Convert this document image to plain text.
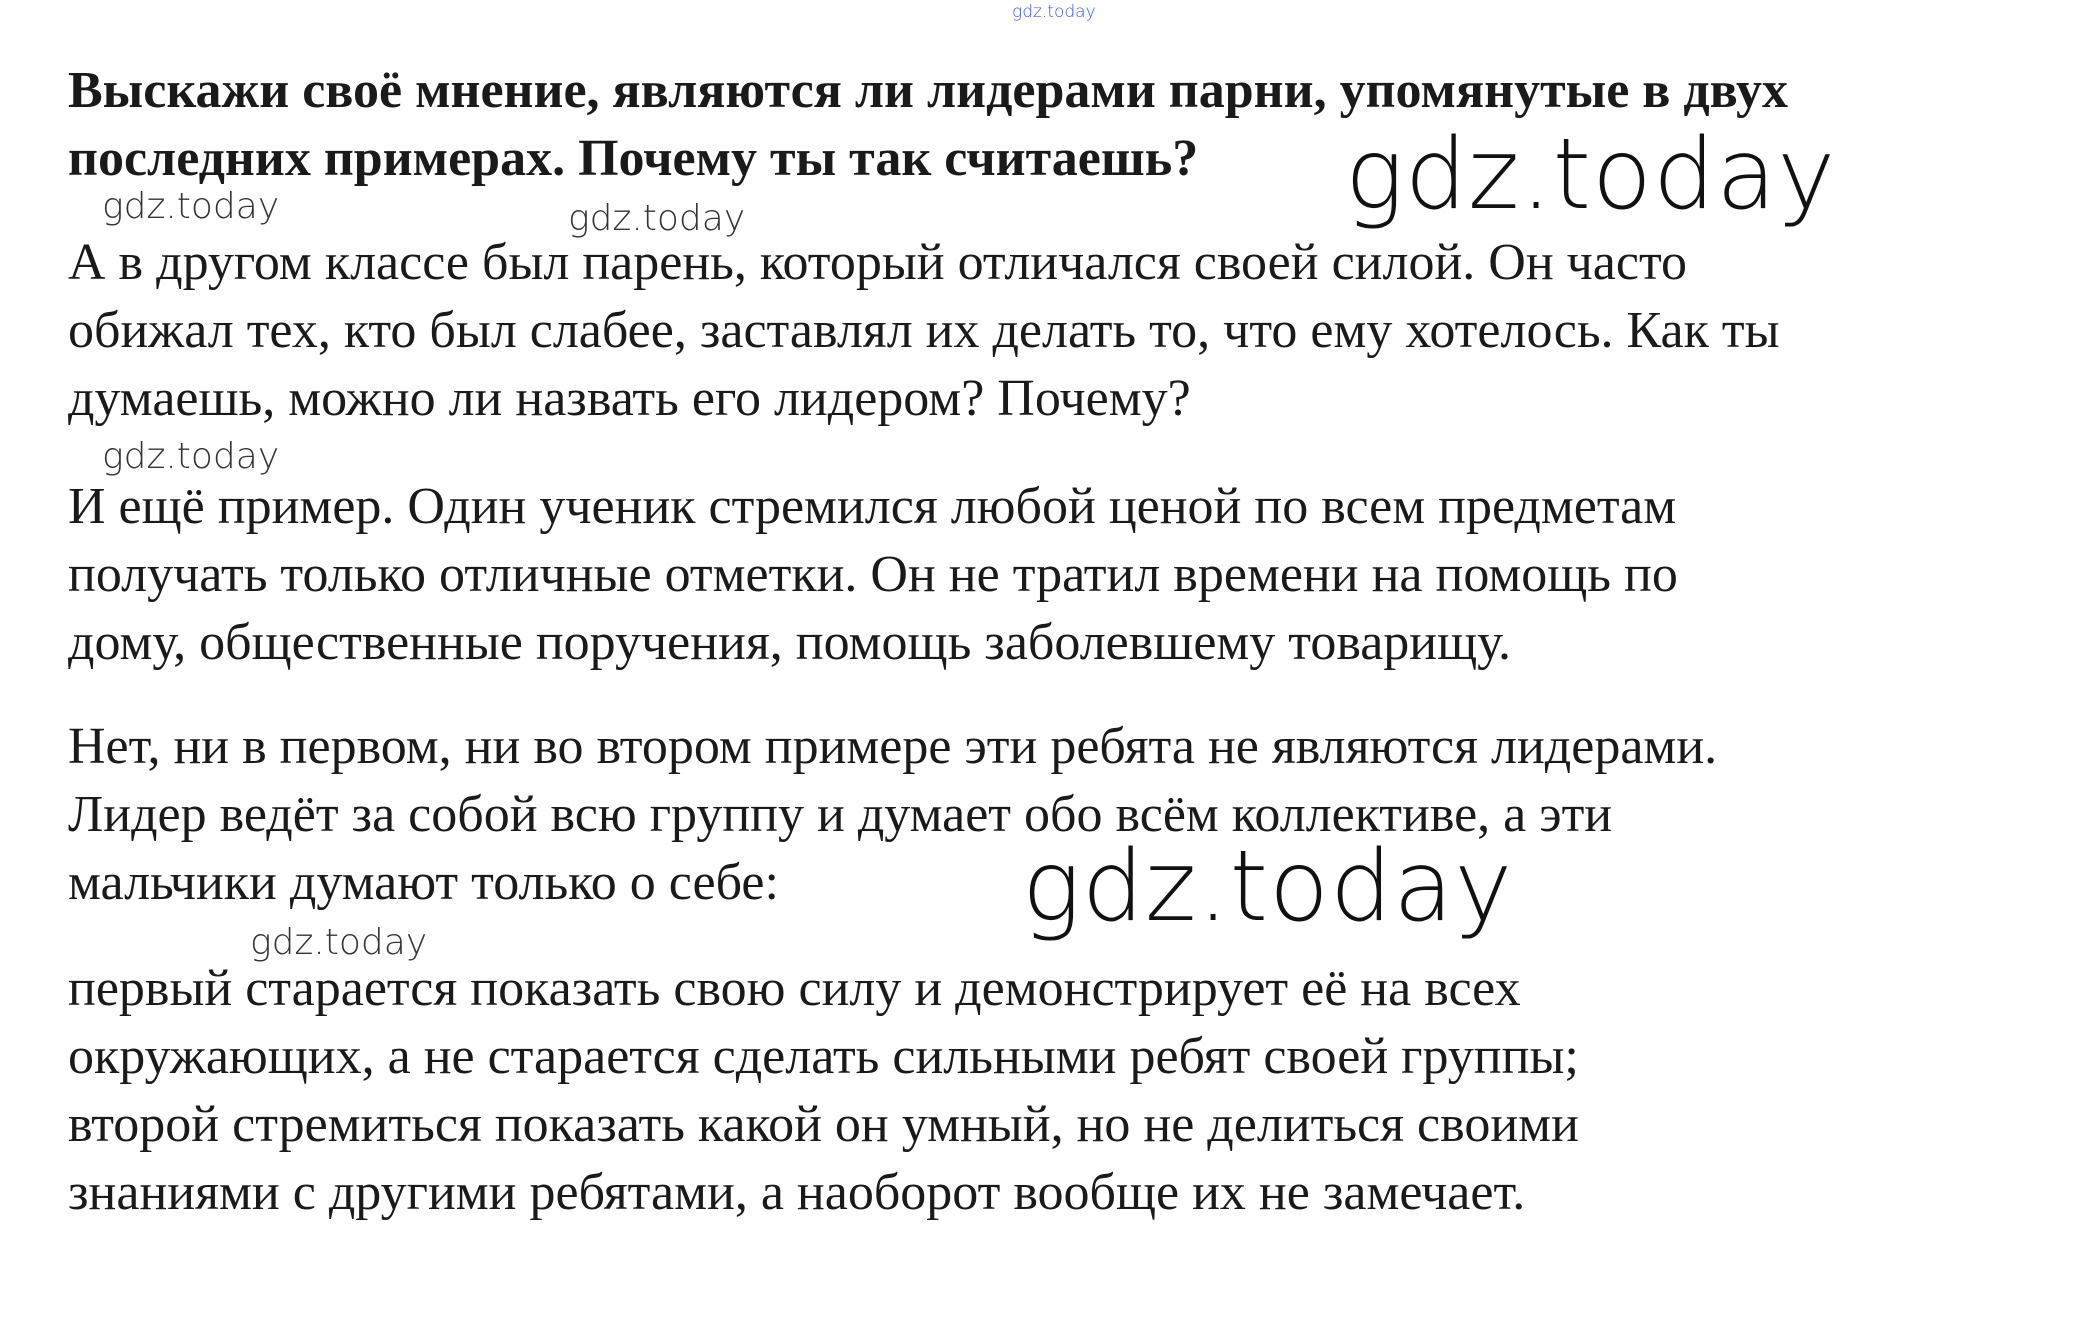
gdz.today
Выскажи своё мнение, являются ли лидерами парни, упомянутые в двух
последних примерах. Почему ты так считаешь?
А в другом классе был парень, который отличался своей силой. Он часто
обижал тех, кто был слабее, заставлял их делать то, что ему хотелось. Как ты
думаешь, можно ли назвать его лидером? Почему?
И ещё пример. Один ученик стремился любой ценой по всем предметам
получать только отличные отметки. Он не тратил времени на помощь по
дому, общественные поручения, помощь заболевшему товарищу.
Нет, ни в первом, ни во втором примере эти ребята не являются лидерами.
Лидер ведёт за собой всю группу и думает обо всём коллективе, а эти
мальчики думают только о себе:
первый старается показать свою силу и демонстрирует её на всех
окружающих, а не старается сделать сильными ребят своей группы;
второй стремиться показать какой он умный, но не делиться своими
знаниями с другими ребятами, а наоборот вообще их не замечает.
gdz.today
gdz.today	gdz.today
gdz.today
gdz.today
gdz.today
